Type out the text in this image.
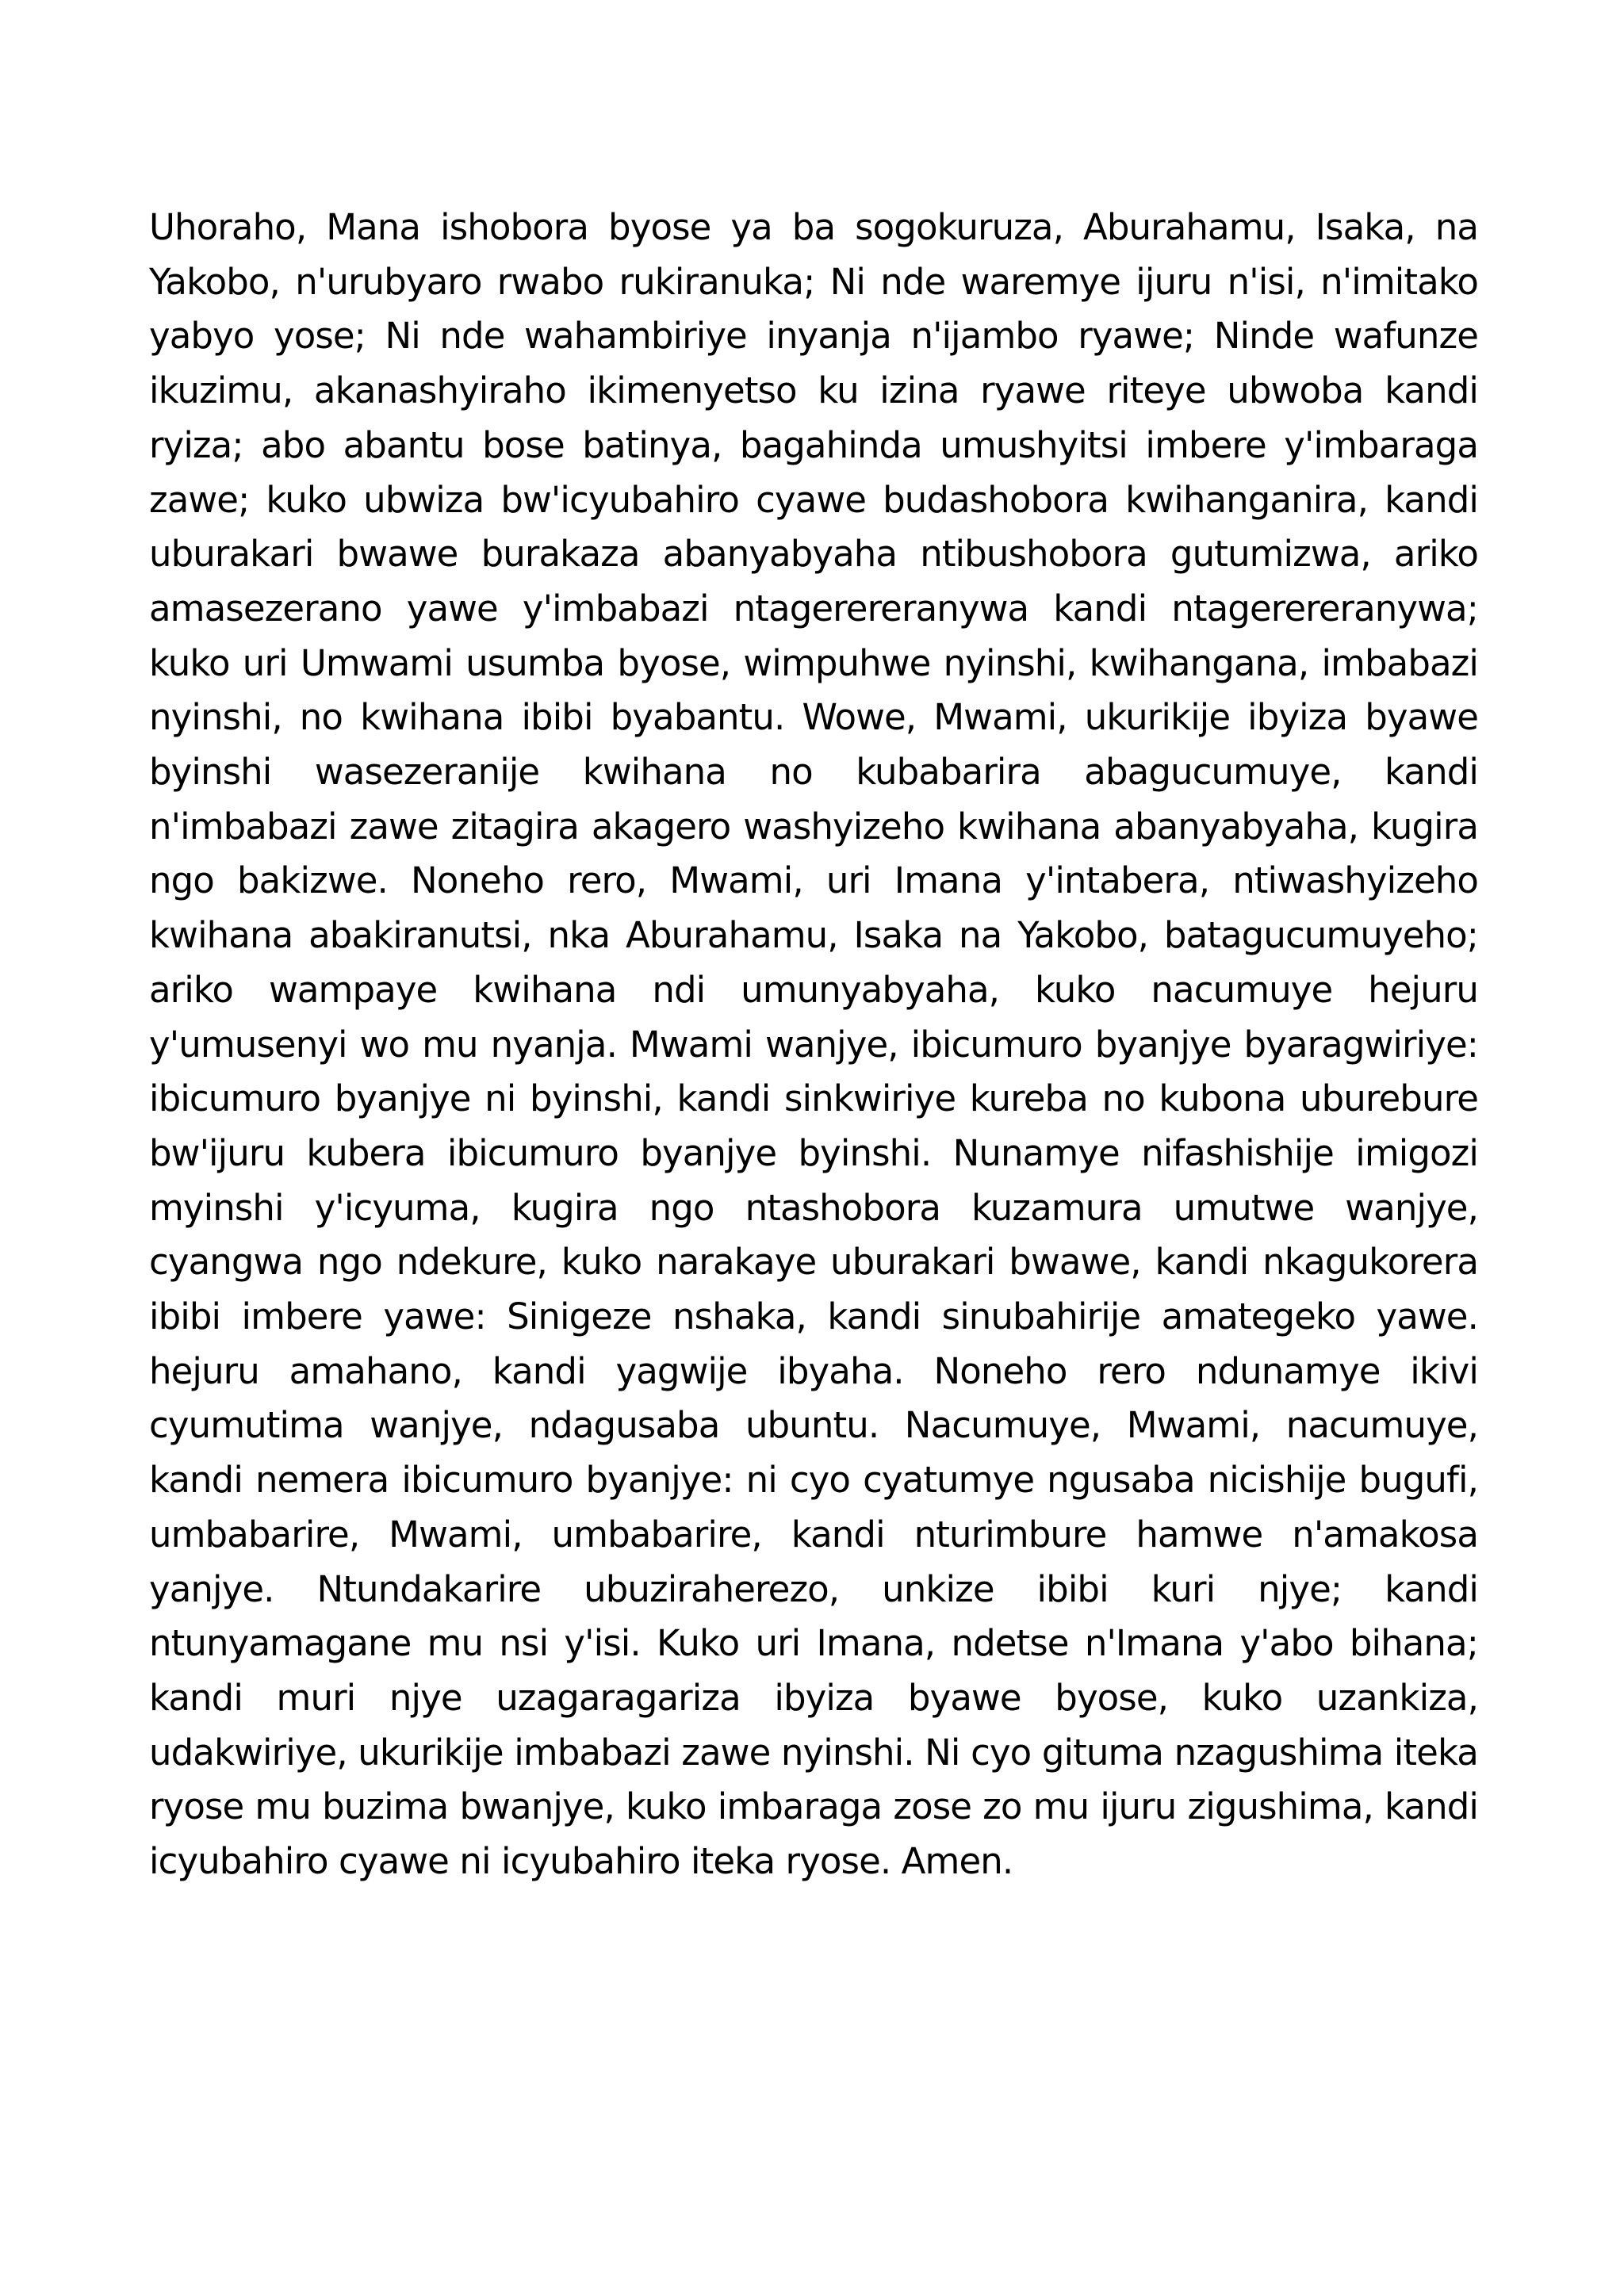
Uhoraho, Mana ishobora byose ya ba sogokuruza, Aburahamu, Isaka, na Yakobo, n'urubyaro rwabo rukiranuka; Ni nde waremye ijuru n'isi, n'imitako yabyo yose; Ni nde wahambiriye inyanja n'ijambo ryawe; Ninde wafunze ikuzimu, akanashyiraho ikimenyetso ku izina ryawe riteye ubwoba kandi ryiza; abo abantu bose batinya, bagahinda umushyitsi imbere y'imbaraga zawe; kuko ubwiza bw'icyubahiro cyawe budashobora kwihanganira, kandi uburakari bwawe burakaza abanyabyaha ntibushobora gutumizwa, ariko amasezerano yawe y'imbabazi ntagerereranywa kandi ntagerereranywa; kuko uri Umwami usumba byose, wimpuhwe nyinshi, kwihangana, imbabazi nyinshi, no kwihana ibibi byabantu. Wowe, Mwami, ukurikije ibyiza byawe byinshi wasezeranije kwihana no kubabarira abagucumuye, kandi n'imbabazi zawe zitagira akagero washyizeho kwihana abanyabyaha, kugira ngo bakizwe. Noneho rero, Mwami, uri Imana y'intabera, ntiwashyizeho kwihana abakiranutsi, nka Aburahamu, Isaka na Yakobo, batagucumuyeho; ariko wampaye kwihana ndi umunyabyaha, kuko nacumuye hejuru y'umusenyi wo mu nyanja. Mwami wanjye, ibicumuro byanjye byaragwiriye: ibicumuro byanjye ni byinshi, kandi sinkwiriye kureba no kubona uburebure bw'ijuru kubera ibicumuro byanjye byinshi. Nunamye nifashishije imigozi myinshi y'icyuma, kugira ngo ntashobora kuzamura umutwe wanjye, cyangwa ngo ndekure, kuko narakaye uburakari bwawe, kandi nkagukorera ibibi imbere yawe: Sinigeze nshaka, kandi sinubahirije amategeko yawe. hejuru amahano, kandi yagwije ibyaha. Noneho rero ndunamye ikivi cyumutima wanjye, ndagusaba ubuntu. Nacumuye, Mwami, nacumuye, kandi nemera ibicumuro byanjye: ni cyo cyatumye ngusaba nicishije bugufi, umbabarire, Mwami, umbabarire, kandi nturimbure hamwe n'amakosa yanjye. Ntundakarire ubuziraherezo, unkize ibibi kuri njye; kandi ntunyamagane mu nsi y'isi. Kuko uri Imana, ndetse n'Imana y'abo bihana; kandi muri njye uzagaragariza ibyiza byawe byose, kuko uzankiza, udakwiriye, ukurikije imbabazi zawe nyinshi. Ni cyo gituma nzagushima iteka ryose mu buzima bwanjye, kuko imbaraga zose zo mu ijuru zigushima, kandi icyubahiro cyawe ni icyubahiro iteka ryose. Amen.
